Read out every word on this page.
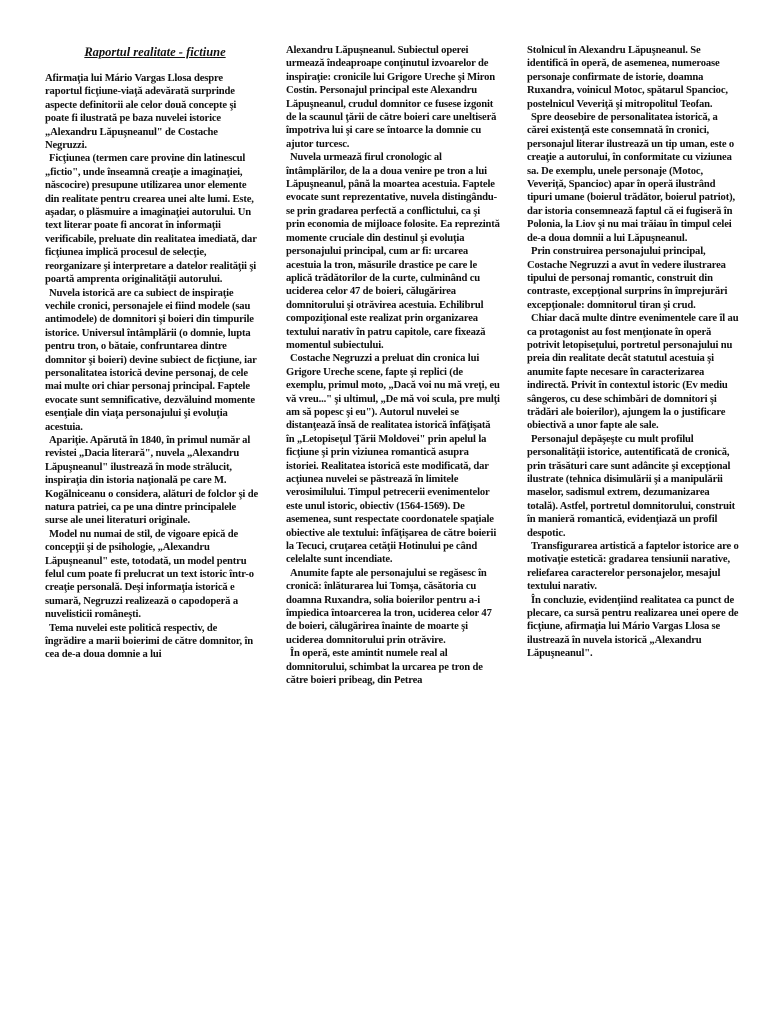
Raportul realitate - fictiune

Afirmaţia lui Mário Vargas Llosa despre raportul ficţiune-viaţă adevărată surprinde aspecte definitorii ale celor două concepte şi poate fi ilustrată pe baza nuvelei istorice „Alexandru Lăpuşneanul" de Costache Negruzzi.

Ficţiunea (termen care provine din latinescul „fictio", unde înseamnă creaţie a imaginaţiei, născocire) presupune utilizarea unor elemente din realitate pentru crearea unei alte lumi. Este, aşadar, o plăsmuire a imaginaţiei autorului. Un text literar poate fi ancorat în informaţii verificabile, preluate din realitatea imediată, dar ficţiunea implică procesul de selecţie, reorganizare şi interpretare a datelor realităţii şi poartă amprenta originalităţii autorului.

Nuvela istorică are ca subiect de inspiraţie vechile cronici, personajele ei fiind modele (sau antimodele) de domnitori şi boieri din timpurile istorice. Universul întâmplării (o domnie, lupta pentru tron, o bătaie, confruntarea dintre domnitor şi boieri) devine subiect de ficţiune, iar personalitatea istorică devine personaj, de cele mai multe ori chiar personaj principal. Faptele evocate sunt semnificative, dezvăluind momente esenţiale din viaţa personajului şi evoluţia acestuia.

Apariţie. Apărută în 1840, în primul număr al revistei „Dacia literară", nuvela „Alexandru Lăpuşneanul" ilustrează în mode strălucit, inspiraţia din istoria naţională pe care M. Kogălniceanu o considera, alături de folclor şi de natura patriei, ca pe una dintre principalele surse ale unei literaturi originale.

Model nu numai de stil, de vigoare epică de concepţii şi de psihologie, „Alexandru Lăpuşneanul" este, totodată, un model pentru felul cum poate fi prelucrat un text istoric într-o creaţie personală. Deşi informaţia istorică e sumară, Negruzzi realizează o capodoperă a nuvelisticii româneşti.

Tema nuvelei este politică respectiv, de îngrădire a marii boierimi de către domnitor, în cea de-a doua domnie a lui

Alexandru Lăpuşneanul. Subiectul operei urmează îndeaproape conţinutul izvoarelor de inspiraţie: cronicile lui Grigore Ureche şi Miron Costin. Personajul principal este Alexandru Lăpuşneanul, crudul domnitor ce fusese izgonit de la scaunul ţării de către boieri care uneltiseră împotriva lui şi care se întoarce la domnie cu ajutor turcesc.

Nuvela urmează firul cronologic al întâmplărilor, de la a doua venire pe tron a lui Lăpuşneanul, până la moartea acestuia. Faptele evocate sunt reprezentative, nuvela distingându-se prin gradarea perfectă a conflictului, ca şi prin economia de mijloace folosite. Ea reprezintă momente cruciale din destinul şi evoluţia personajului principal, cum ar fi: urcarea acestuia la tron, măsurile drastice pe care le aplică trădătorilor de la curte, culminând cu uciderea celor 47 de boieri, călugărirea domnitorului şi otrăvirea acestuia. Echilibrul compoziţional este realizat prin organizarea textului narativ în patru capitole, care fixează momentul subiectului.

Costache Negruzzi a preluat din cronica lui Grigore Ureche scene, fapte şi replici (de exemplu, primul moto, „Dacă voi nu mă vreţi, eu vă vreu..." şi ultimul, „De mă voi scula, pre mulţi am să popesc şi eu"). Autorul nuvelei se distanţează însă de realitatea istorică înfăţişată în „Letopiseţul Ţării Moldovei" prin apelul la ficţiune şi prin viziunea romantică asupra istoriei. Realitatea istorică este modificată, dar acţiunea nuvelei se păstrează în limitele verosimilului. Timpul petrecerii evenimentelor este unul istoric, obiectiv (1564-1569). De asemenea, sunt respectate coordonatele spaţiale obiective ale textului: înfăţişarea de către boierii la Tecuci, cruţarea cetăţii Hotinului pe când celelalte sunt incendiate.

Anumite fapte ale personajului se regăsesc în cronică: înlăturarea lui Tomşa, căsătoria cu doamna Ruxandra, solia boierilor pentru a-i împiedica întoarcerea la tron, uciderea celor 47 de boieri, călugărirea înainte de moarte şi uciderea domnitorului prin otrăvire.

În operă, este amintit numele real al domnitorului, schimbat la urcarea pe tron de către boieri pribeag, din Petrea

Stolnicul în Alexandru Lăpuşneanul. Se identifică în operă, de asemenea, numeroase personaje confirmate de istorie, doamna Ruxandra, voinicul Motoc, spătarul Spancioc, postelnicul Veveriţă şi mitropolitul Teofan.

Spre deosebire de personalitatea istorică, a cărei existenţă este consemnată în cronici, personajul literar ilustrează un tip uman, este o creaţie a autorului, în conformitate cu viziunea sa. De exemplu, unele personaje (Motoc, Veveriţă, Spancioc) apar în operă ilustrând tipuri umane (boierul trădător, boierul patriot), dar istoria consemnează faptul că ei fugiseră în Polonia, la Liov şi nu mai trăiau în timpul celei de-a doua domnii a lui Lăpuşneanul.

Prin construirea personajului principal, Costache Negruzzi a avut în vedere ilustrarea tipului de personaj romantic, construit din contraste, excepţional surprins în împrejurări excepţionale: domnitorul tiran şi crud.

Chiar dacă multe dintre evenimentele care îl au ca protagonist au fost menţionate în operă potrivit letopiseţului, portretul personajului nu preia din realitate decât statutul acestuia şi anumite fapte necesare în caracterizarea indirectă. Privit în contextul istoric (Ev mediu sângeros, cu dese schimbări de domnitori şi trădări ale boierilor), ajungem la o justificare obiectivă a unor fapte ale sale.

Personajul depăşeşte cu mult profilul personalităţii istorice, autentificată de cronică, prin trăsături care sunt adâncite şi excepţional ilustrate (tehnica disimulării şi a manipulării maselor, sadismul extrem, dezumanizarea totală). Astfel, portretul domnitorului, construit în manieră romantică, evidenţiază un profil despotic.

Transfigurarea artistică a faptelor istorice are o motivaţie estetică: gradarea tensiunii narative, reliefarea caracterelor personajelor, mesajul textului narativ.

În concluzie, evidenţiind realitatea ca punct de plecare, ca sursă pentru realizarea unei opere de ficţiune, afirmaţia lui Mário Vargas Llosa se ilustrează în nuvela istorică „Alexandru Lăpuşneanul".
